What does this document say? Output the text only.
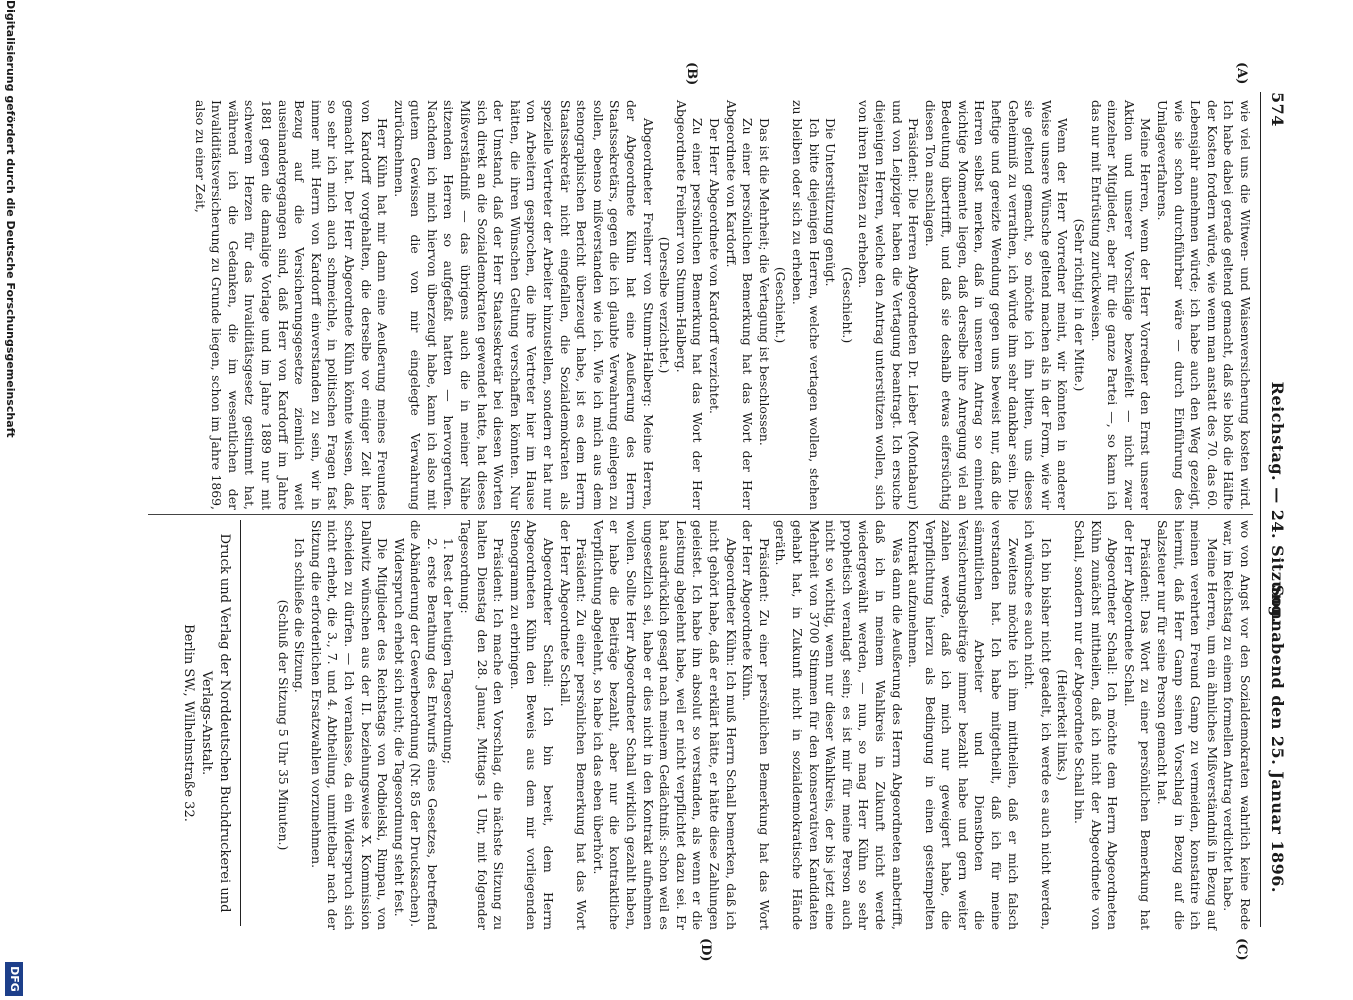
574
Reichstag. — 24. Sitzung.
Sonnabend den 25. Januar 1896.
(A)
(B)
(C)
(D)

wie viel uns die Witwen- und Waisenversicherung kosten wird. Ich habe dabei gerade geltend gemacht, daß sie bloß die Hälfte der Kosten fordern würde, wie wenn man anstatt des 70. das 60. Lebensjahr annehmen würde; ich habe auch den Weg gezeigt, wie sie schon durchführbar wäre — durch Einführung des Umlageverfahrens.

Meine Herren, wenn der Herr Vorredner den Ernst unserer Aktion und unserer Vorschläge bezweifelt — nicht zwar einzelner Mitglieder, aber für die ganze Partei —, so kann ich das nur mit Entrüstung zurückweisen.

(Sehr richtig! in der Mitte.)

Wenn der Herr Vorredner meint, wir könnten in anderer Weise unsere Wünsche geltend machen als in der Form, wie wir sie geltend gemacht, so möchte ich ihn bitten, uns dieses Geheimniß zu verrathen, ich würde ihm sehr dankbar sein. Die heftige und gereizte Wendung gegen uns beweist nur, daß die Herren selbst merken, daß in unserem Antrag so eminent wichtige Momente liegen, daß derselbe ihre Anregung viel an Bedeutung übertrifft, und daß sie deshalb etwas eifersüchtig diesen Ton anschlagen.

Präsident: Die Herren Abgeordneten Dr. Lieber (Montabaur) und von Leipziger haben die Vertagung beantragt. Ich ersuche diejenigen Herren, welche den Antrag unterstützen wollen, sich von ihren Plätzen zu erheben.

(Geschieht.)

Die Unterstützung genügt.

Ich bitte diejenigen Herren, welche vertagen wollen, stehen zu bleiben oder sich zu erheben.

(Geschieht.)

Das ist die Mehrheit; die Vertagung ist beschlossen.

Zu einer persönlichen Bemerkung hat das Wort der Herr Abgeordnete von Kardorff.

Der Herr Abgeordnete von Kardorff verzichtet.

Zu einer persönlichen Bemerkung hat das Wort der Herr Abgeordnete Freiherr von Stumm-Halberg.

(Derselbe verzichtet.)

Abgeordneter Freiherr von Stumm-Halberg: Meine Herren, der Abgeordnete Kühn hat eine Aeußerung des Herrn Staatssekretärs, gegen die ich glaubte Verwahrung einlegen zu sollen, ebenso mißverstanden wie ich. Wie ich mich aus dem stenographischen Bericht überzeugt habe, ist es dem Herrn Staatssekretär nicht eingefallen, die Sozialdemokraten als spezielle Vertreter der Arbeiter hinzustellen, sondern er hat nur von Arbeitern gesprochen, die ihre Vertreter hier im Hause hätten, die ihren Wünschen Geltung verschaffen könnten. Nur der Umstand, daß der Herr Staatssekretär bei diesen Worten sich direkt an die Sozialdemokraten gewendet hatte, hat dieses Mißverständniß — das übrigens auch die in meiner Nähe sitzenden Herren so aufgefaßt hatten — hervorgerufen. Nachdem ich mich hiervon überzeugt habe, kann ich also mit gutem Gewissen die von mir eingelegte Verwahrung zurücknehmen.

Herr Kühn hat mir dann eine Aeußerung meines Freundes von Kardorff vorgehalten, die derselbe vor einiger Zeit hier gemacht hat. Der Herr Abgeordnete Kühn könnte wissen, daß, so sehr ich mich auch schmeichle, in politischen Fragen fast immer mit Herrn von Kardorff einverstanden zu sein, wir in Bezug auf die Versicherungsgesetze ziemlich weit auseinandergegangen sind, daß Herr von Kardorff im Jahre 1881 gegen die damalige Vorlage und im Jahre 1889 nur mit schwerem Herzen für das Invaliditätsgesetz gestimmt hat, während ich die Gedanken, die im wesentlichen der Invaliditätsversicherung zu Grunde liegen, schon im Jahre 1869, also zu einer Zeit,

wo von Angst vor den Sozialdemokraten wahrlich keine Rede war, im Reichstag zu einem formellen Antrag verdichtet habe.

Meine Herren, um ein ähnliches Mißverständniß in Bezug auf meinen verehrten Freund Gamp zu vermeiden, konstatire ich hiermit, daß Herr Gamp seinen Vorschlag in Bezug auf die Salzsteuer nur für seine Person gemacht hat.

Präsident: Das Wort zu einer persönlichen Bemerkung hat der Herr Abgeordnete Schall.

Abgeordneter Schall: Ich möchte dem Herrn Abgeordneten Kühn zunächst mittheilen, daß ich nicht der Abgeordnete von Schall, sondern nur der Abgeordnete Schall bin.

(Heiterkeit links.)

Ich bin bisher nicht geadelt, ich werde es auch nicht werden, ich wünsche es auch nicht.

Zweitens möchte ich ihm mittheilen, daß er mich falsch verstanden hat. Ich habe mitgetheilt, daß ich für meine sämmtlichen Arbeiter und Dienstboten die Versicherungsbeiträge immer bezahlt habe und gern weiter zahlen werde, daß ich mich nur geweigert habe, die Verpflichtung hierzu als Bedingung in einen gestempelten Kontrakt aufzunehmen.

Was dann die Aeußerung des Herrn Abgeordneten anbetrifft, daß ich in meinem Wahlkreis in Zukunft nicht werde wiedergewählt werden, — nun, so mag Herr Kühn so sehr prophetisch veranlagt sein; es ist mir für meine Person auch nicht so wichtig, wenn nur dieser Wahlkreis, der bis jetzt eine Mehrheit von 3700 Stimmen für den konservativen Kandidaten gehabt hat, in Zukunft nicht in sozialdemokratische Hände geräth.

Präsident: Zu einer persönlichen Bemerkung hat das Wort der Herr Abgeordnete Kühn.

Abgeordneter Kühn: Ich muß Herrn Schall bemerken, daß ich nicht gehört habe, daß er erklärt hätte, er hätte diese Zahlungen geleistet. Ich habe ihn absolut so verstanden, als wenn er die Leistung abgelehnt habe, weil er nicht verpflichtet dazu sei. Er hat ausdrücklich gesagt nach meinem Gedächtniß: schon weil es ungesetzlich sei, habe er dies nicht in den Kontrakt aufnehmen wollen. Sollte Herr Abgeordneter Schall wirklich gezahlt haben, er habe die Beiträge bezahlt, aber nur die kontraktliche Verpflichtung abgelehnt, so habe ich das eben überhört.

Präsident: Zu einer persönlichen Bemerkung hat das Wort der Herr Abgeordnete Schall.

Abgeordneter Schall: Ich bin bereit, dem Herrn Abgeordneten Kühn den Beweis aus dem mir vorliegenden Stenogramm zu erbringen.

Präsident: Ich mache den Vorschlag, die nächste Sitzung zu halten Dienstag den 28. Januar, Mittags 1 Uhr, mit folgender Tagesordnung:

1. Rest der heutigen Tagesordnung;

2. erste Berathung des Entwurfs eines Gesetzes, betreffend die Abänderung der Gewerbeordnung (Nr. 85 der Drucksachen).

Widerspruch erhebt sich nicht; die Tagesordnung steht fest.

Die Mitglieder des Reichstags von Podbielski, Rimpau, von Dallwitz wünschen aus der II. beziehungsweise X. Kommission scheiden zu dürfen. — Ich veranlasse, da ein Widerspruch sich nicht erhebt, die 3., 7. und 4. Abtheilung, unmittelbar nach der Sitzung die erforderlichen Ersatzwahlen vorzunehmen.

Ich schließe die Sitzung.

(Schluß der Sitzung 5 Uhr 35 Minuten.)

Druck und Verlag der Norddeutschen Buchdruckerei und Verlags-Anstalt.
Berlin SW., Wilhelmstraße 32.
Digitalisierung gefördert durch die Deutsche Forschungsgemeinschaft
DFG
